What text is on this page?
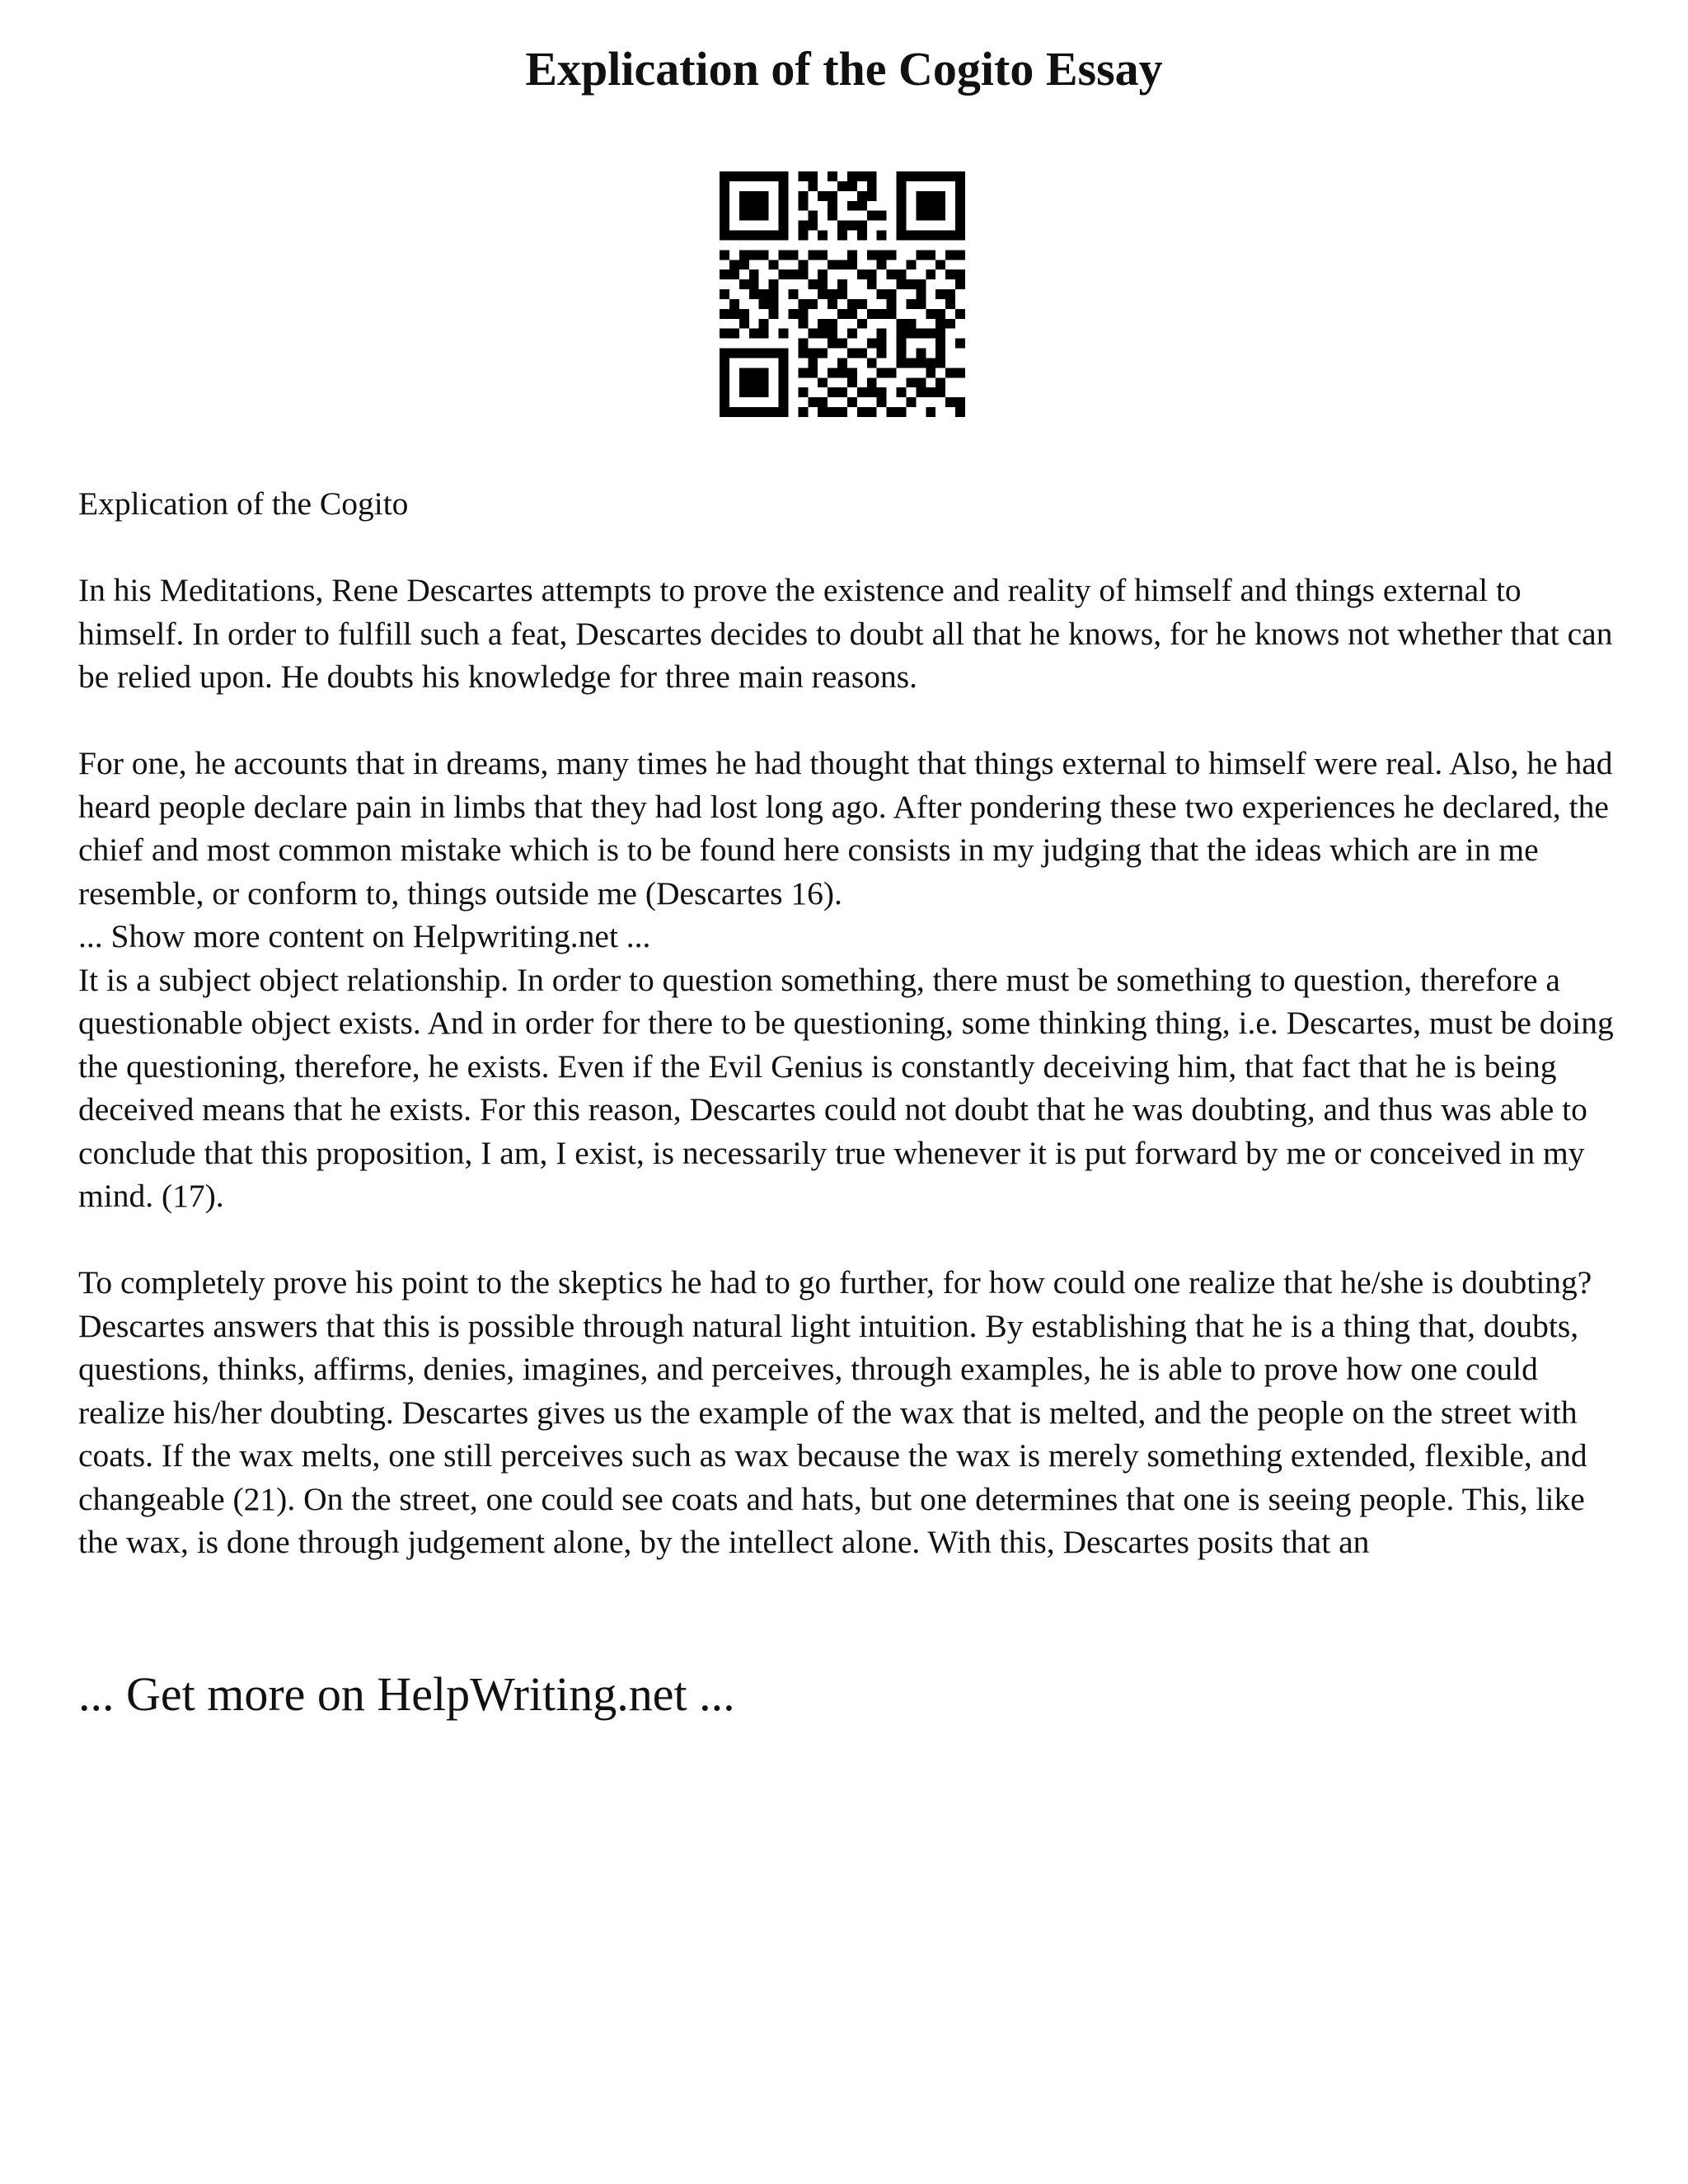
Explication of the Cogito Essay

Explication of the Cogito

In his Meditations, Rene Descartes attempts to prove the existence and reality of himself and things external to himself. In order to fulfill such a feat, Descartes decides to doubt all that he knows, for he knows not whether that can be relied upon. He doubts his knowledge for three main reasons.

For one, he accounts that in dreams, many times he had thought that things external to himself were real. Also, he had heard people declare pain in limbs that they had lost long ago. After pondering these two experiences he declared, the chief and most common mistake which is to be found here consists in my judging that the ideas which are in me resemble, or conform to, things outside me (Descartes 16).

... Show more content on Helpwriting.net ...

It is a subject object relationship. In order to question something, there must be something to question, therefore a questionable object exists. And in order for there to be questioning, some thinking thing, i.e. Descartes, must be doing the questioning, therefore, he exists. Even if the Evil Genius is constantly deceiving him, that fact that he is being deceived means that he exists. For this reason, Descartes could not doubt that he was doubting, and thus was able to conclude that this proposition, I am, I exist, is necessarily true whenever it is put forward by me or conceived in my mind. (17).

To completely prove his point to the skeptics he had to go further, for how could one realize that he/she is doubting? Descartes answers that this is possible through natural light intuition. By establishing that he is a thing that, doubts, questions, thinks, affirms, denies, imagines, and perceives, through examples, he is able to prove how one could realize his/her doubting. Descartes gives us the example of the wax that is melted, and the people on the street with coats. If the wax melts, one still perceives such as wax because the wax is merely something extended, flexible, and changeable (21). On the street, one could see coats and hats, but one determines that one is seeing people. This, like the wax, is done through judgement alone, by the intellect alone. With this, Descartes posits that an

... Get more on HelpWriting.net ...
